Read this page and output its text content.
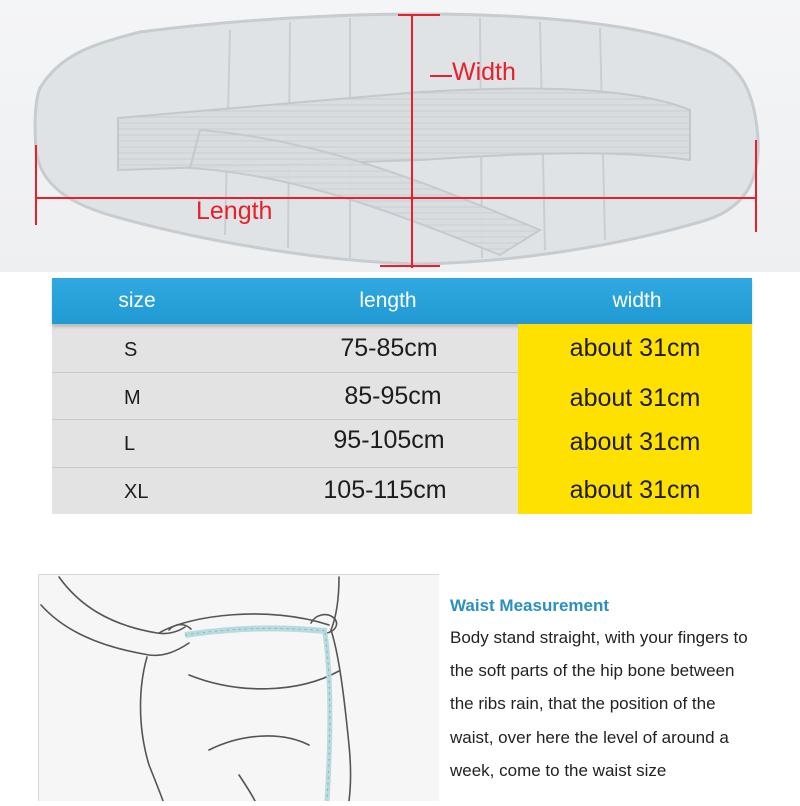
Width
Length
size	length	width
S	75-85cm	about 31cm
M	85-95cm	about 31cm
L	95-105cm	about 31cm
XL	105-115cm	about 31cm
Waist Measurement
Body stand straight, with your fingers to
the soft parts of the hip bone between
the ribs rain, that the position of the
waist, over here the level of around a
week, come to the waist size
